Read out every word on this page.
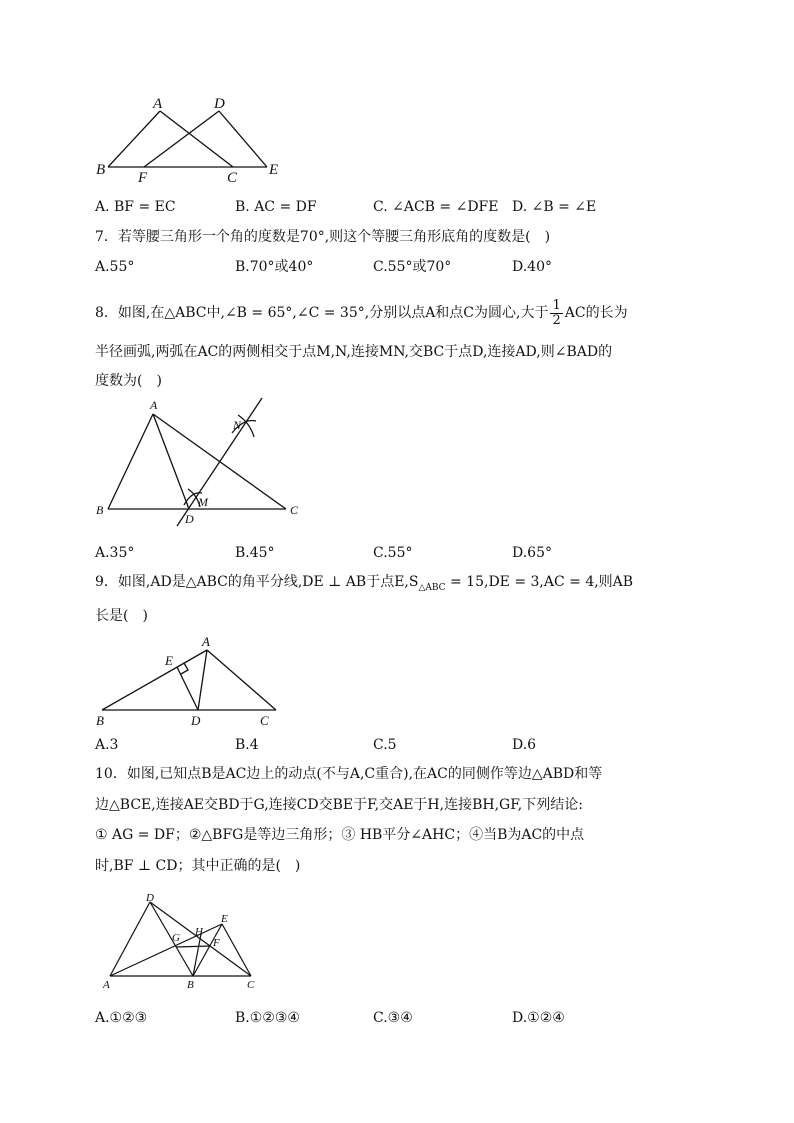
A	D
B F	C E
A. BF = EC	B. AC = DF	C. ∠ACB = ∠DFE D. ∠B = ∠E
7．若等腰三角形一个角的度数是70°,则这个等腰三角形底角的度数是(　)
A.55°	B.70°或40°	C.55°或70°	D.40°
8．如图,在△ABC中,∠B = 65°,∠C = 35°,分别以点A和点C为圆心,大于 $\frac{1}{2}$ AC的长为
半径画弧,两弧在AC的两侧相交于点M,N,连接MN,交BC于点D,连接AD,则∠BAD的
度数为(　)
A
N
M
B
D
C
A.35°	B.45°	C.55°	D.65°
9．如图,AD是△ABC的角平分线,DE ⊥ AB于点$E,S_{\triangle ABC} = 15,DE = 3,AC = 4$,则AB
长是(　)
A
E
B	D	C
A.3	B.4	C.5	D.6
10．如图,已知点B是AC边上的动点(不与A,C重合),在AC的同侧作等边△ABD和等
边△BCE,连接AE交BD于G,连接CD交BE于F,交AE于H,连接BH,GF,下列结论:
① AG = DF；②△BFG是等边三角形；③ HB平分∠AHC；④当B为AC的中点
时,BF ⊥ CD；其中正确的是(　)
D
E
H
G	F
A	B	C
A.①②③	B.①②③④	C.③④	D.①②④
